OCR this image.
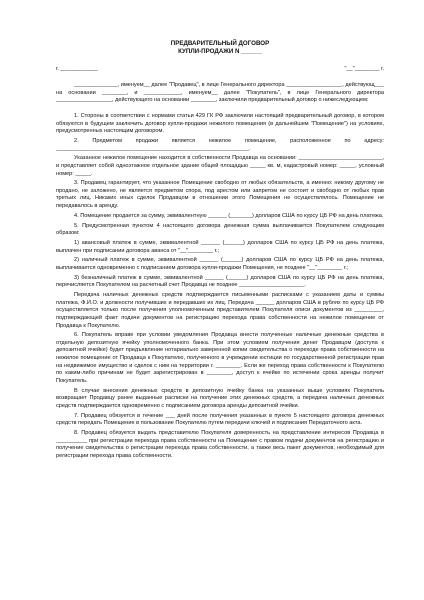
ПРЕДВАРИТЕЛЬНЫЙ ДОГОВОР
КУПЛИ-ПРОДАЖИ N ______
г. ____________	"__"________ г.

______________, именуем__ далее "Продавец", в лице Генерального директора __________________, действующ___ на основании ________, и ____________, именуем__ далее "Покупатель", в лице Генерального директора __________________, действующего на основании ________, заключили предварительный договор о нижеследующем:

1. Стороны в соответствии с нормами статьи 429 ГК РФ заключили настоящий предварительный договор, в котором обязуются в будущем заключить договор купли-продажи нежилого помещения (в дальнейшем "Помещение") на условиях, предусмотренных настоящим договором.

2. Предметом продажи является нежилое помещение, расположенное по адресу: ______________________________________________________________.

Указанное нежилое помещение находится в собственности Продавца на основании: ___________________________, и представляет собой одноэтажное отдельное здание общей площадью _____ кв. м, кадастровый номер: _____, условный номер: _____.

3. Продавец гарантирует, что указанное Помещение свободно от любых обязательств, а именно: никому другому не продано, не заложено, не является предметом спора, под арестом или запретом не состоит и свободно от любых прав третьих лиц. Никаких иных сделок Продавцом в отношении этого Помещения не осуществлялось. Помещение не передавалось в аренду.

4. Помещение продается за сумму, эквивалентную ______ (_______) долларов США по курсу ЦБ РФ на день платежа.

5. Предусмотренная пунктом 4 настоящего договора денежная сумма выплачивается Покупателем следующим образом:

1) авансовый платеж в сумме, эквивалентной ______ (______) долларов США по курсу ЦБ РФ на день платежа, выплачен при подписании договора аванса от "__"________ г.;

2) наличный платеж в сумме, эквивалентной ______ (______) долларов США по курсу ЦБ РФ на день платежа, выплачивается одновременно с подписанием договора купли-продажи Помещения, не позднее "__"________ г.;

3) безналичный платеж в сумме, эквивалентной ______ (______) долларов США по курсу ЦБ РФ на день платежа, перечисляется Покупателем на расчетный счет Продавца не позднее _____________________.

Передача наличных денежных средств подтверждается письменными расписками с указанием даты и суммы платежа, Ф.И.О. и должности получивших и передавших их лиц. Передача ______ долларов США в рублях по курсу ЦБ РФ осуществляется только после получения уполномоченным представителем Покупателя описи документов из _________, подтверждающей факт подачи документов на регистрацию перехода права собственности на нежилое помещение от Продавца к Покупателю.

6. Покупатель вправе при условии уведомления Продавца внести полученные наличные денежные средства в отдельную депозитную ячейку уполномоченного банка. При этом условием получения денег Продавцом (доступа к депозитной ячейке) будет предъявление нотариально заверенной копии свидетельства о переходе права собственности на нежилое помещение от Продавца к Покупателю, полученного в учреждении юстиции по государственной регистрации прав на недвижимое имущество и сделок с ним на территории г. ________. Если же переход права собственности к Покупателю по каким-либо причинам не будет зарегистрирован в ________, доступ к ячейке по истечении срока аренды получит Покупатель.

В случае внесения денежных средств в депозитную ячейку банка на указанных выше условиях Покупатель возвращает Продавцу ранее выданные расписки на получение этих денежных средств, а передача наличных денежных средств подтверждается одновременно с подписанием договора аренды депозитной ячейки.

7. Продавец обязуется в течение ___ дней после получения указанных в пункте 5 настоящего договора денежных средств передать Помещение в пользование Покупателю путем передачи ключей и подписания Передаточного акта.

8. Продавец обязуется выдать представителю Покупателя доверенность на представление интересов Продавца в __________ при регистрации перехода права собственности на Помещение с правом подачи документов на регистрацию и получение свидетельства о регистрации перехода права собственности, а также весь пакет документов, необходимый для регистрации перехода права собственности.
